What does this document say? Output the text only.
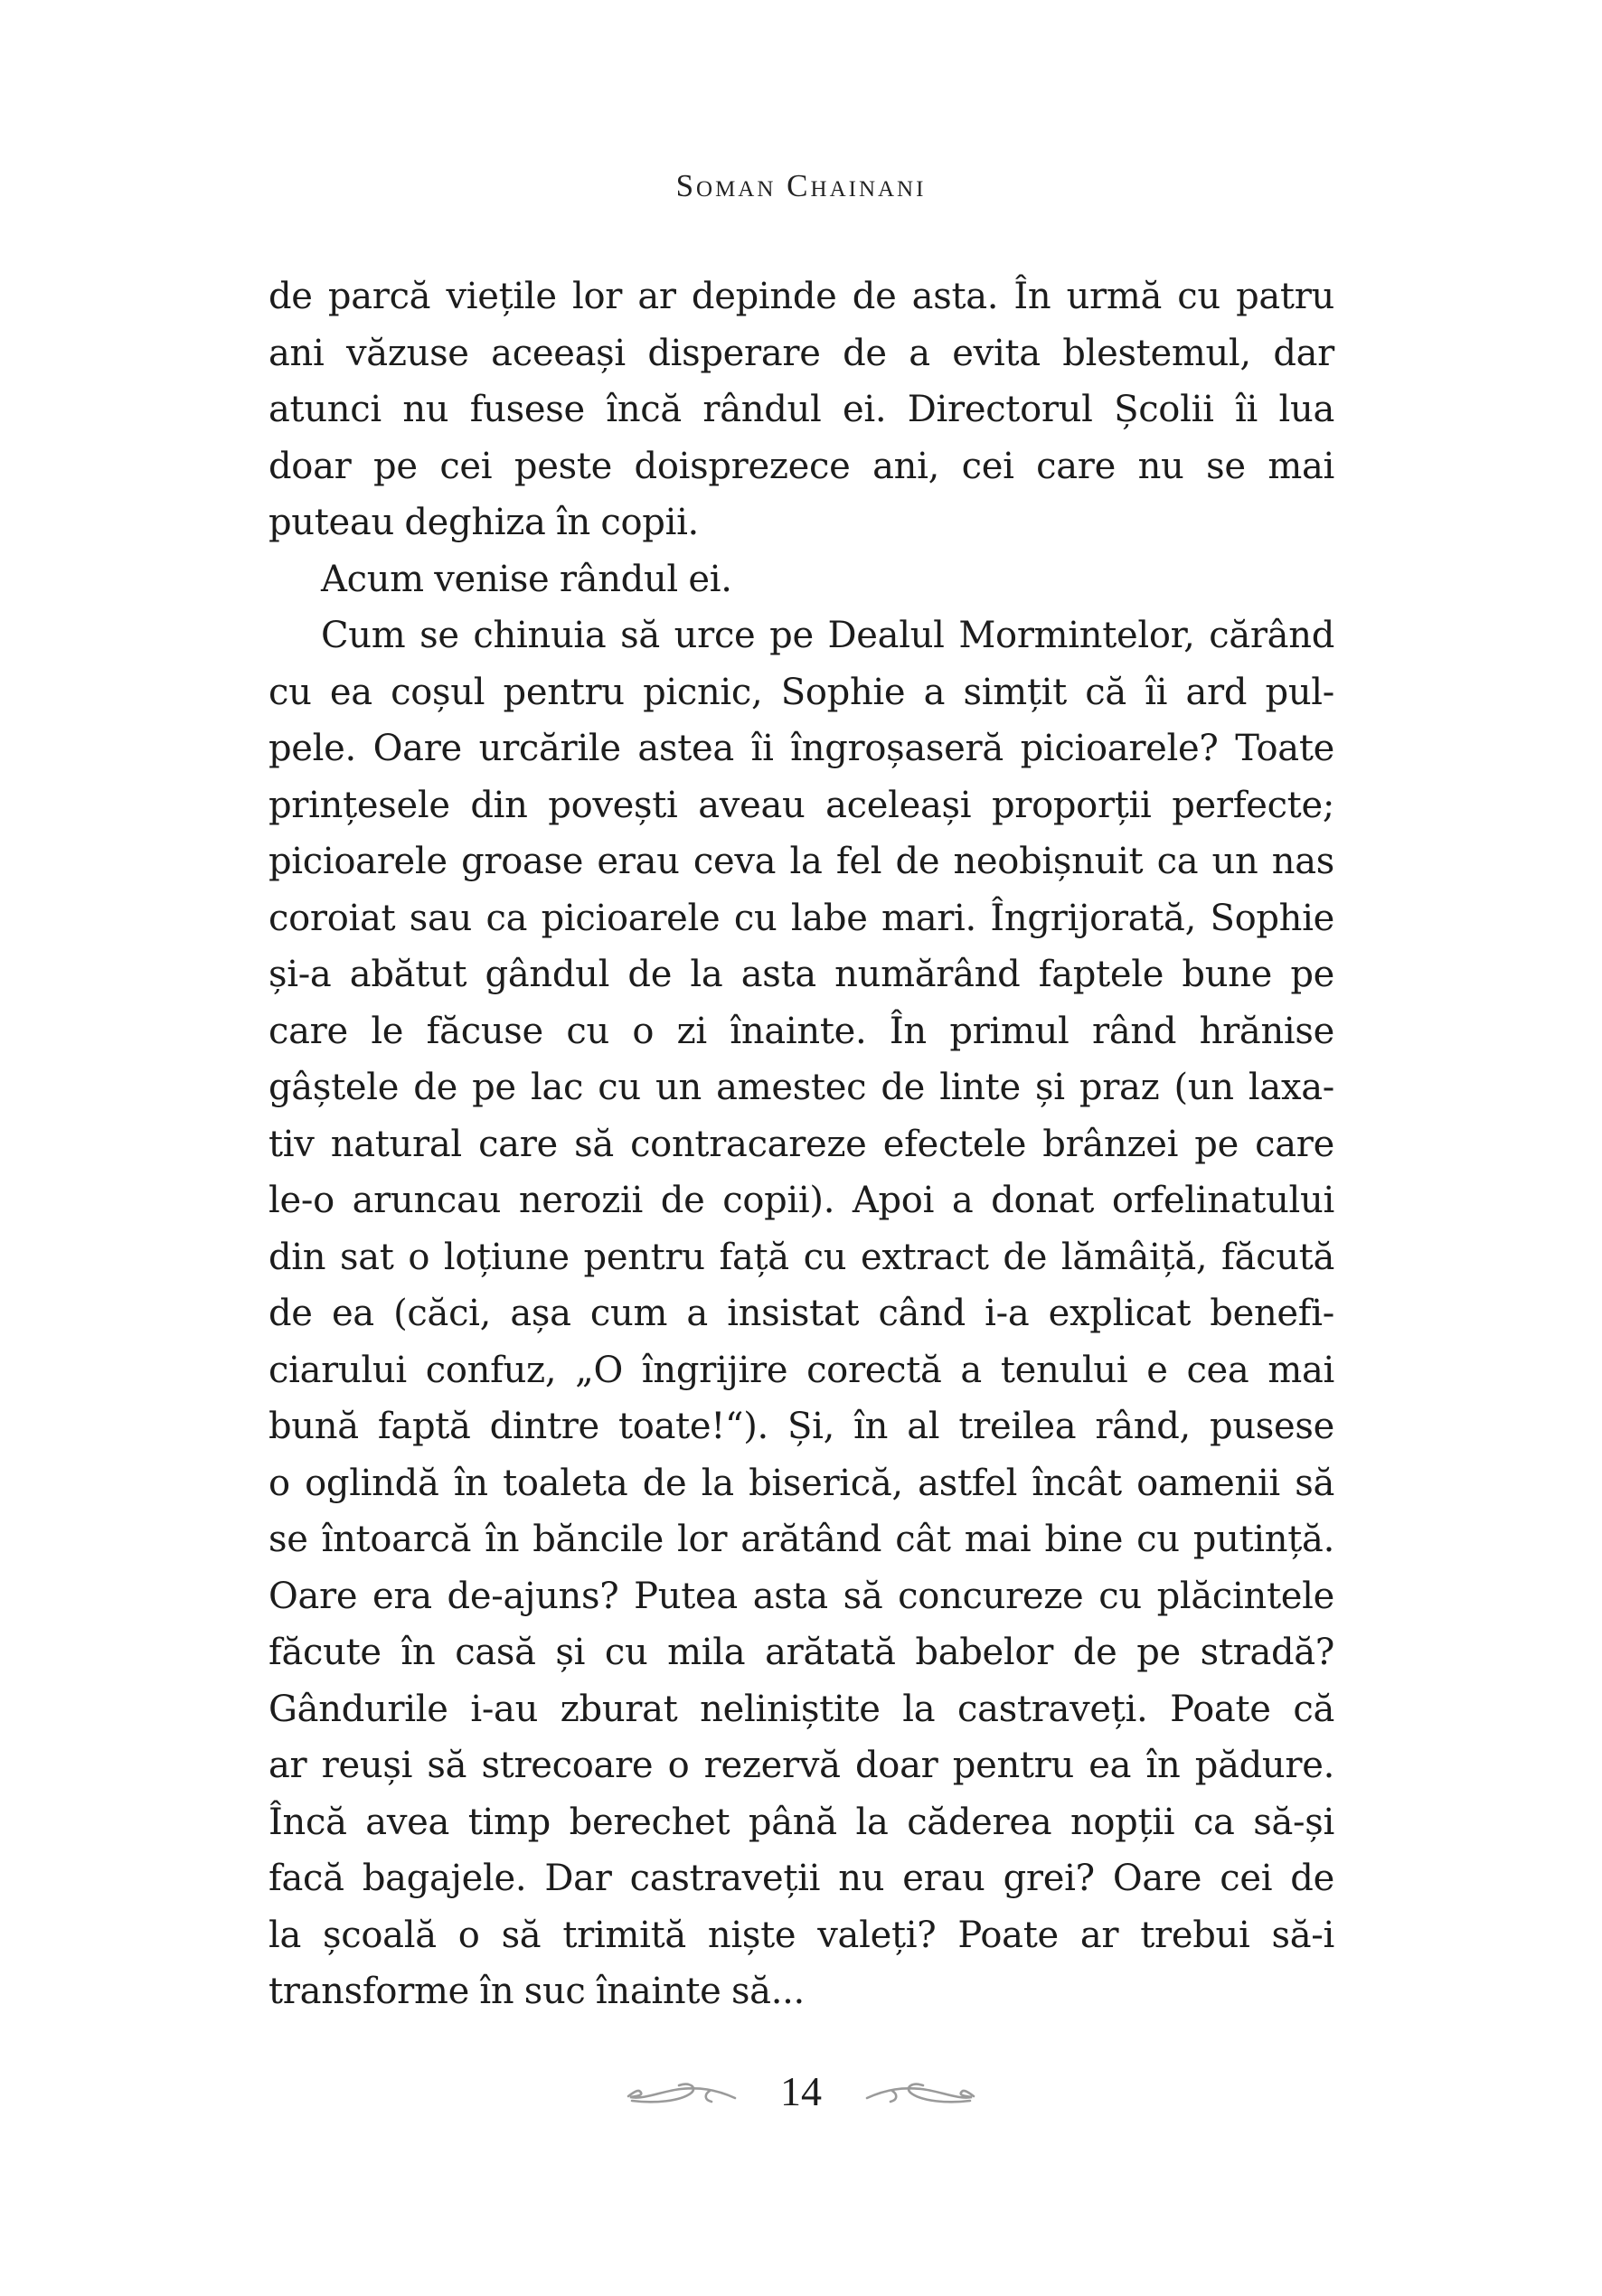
Soman Chainani
de parcă viețile lor ar depinde de asta. În urmă cu patru
ani văzuse aceeași disperare de a evita blestemul, dar
atunci nu fusese încă rândul ei. Directorul Școlii îi lua
doar pe cei peste doisprezece ani, cei care nu se mai
puteau deghiza în copii.
Acum venise rândul ei.
Cum se chinuia să urce pe Dealul Mormintelor, cărând
cu ea coșul pentru picnic, Sophie a simțit că îi ard pul-
pele. Oare urcările astea îi îngroșaseră picioarele? Toate
prințesele din povești aveau aceleași proporții perfecte;
picioarele groase erau ceva la fel de neobișnuit ca un nas
coroiat sau ca picioarele cu labe mari. Îngrijorată, Sophie
și-a abătut gândul de la asta numărând faptele bune pe
care le făcuse cu o zi înainte. În primul rând hrănise
gâștele de pe lac cu un amestec de linte și praz (un laxa-
tiv natural care să contracareze efectele brânzei pe care
le-o aruncau nerozii de copii). Apoi a donat orfelinatului
din sat o loțiune pentru față cu extract de lămâiță, făcută
de ea (căci, așa cum a insistat când i-a explicat benefi-
ciarului confuz, „O îngrijire corectă a tenului e cea mai
bună faptă dintre toate!“). Și, în al treilea rând, pusese
o oglindă în toaleta de la biserică, astfel încât oamenii să
se întoarcă în băncile lor arătând cât mai bine cu putință.
Oare era de-ajuns? Putea asta să concureze cu plăcintele
făcute în casă și cu mila arătată babelor de pe stradă?
Gândurile i-au zburat neliniștite la castraveți. Poate că
ar reuși să strecoare o rezervă doar pentru ea în pădure.
Încă avea timp berechet până la căderea nopții ca să-și
facă bagajele. Dar castraveții nu erau grei? Oare cei de
la școală o să trimită niște valeți? Poate ar trebui să-i
transforme în suc înainte să...
14
